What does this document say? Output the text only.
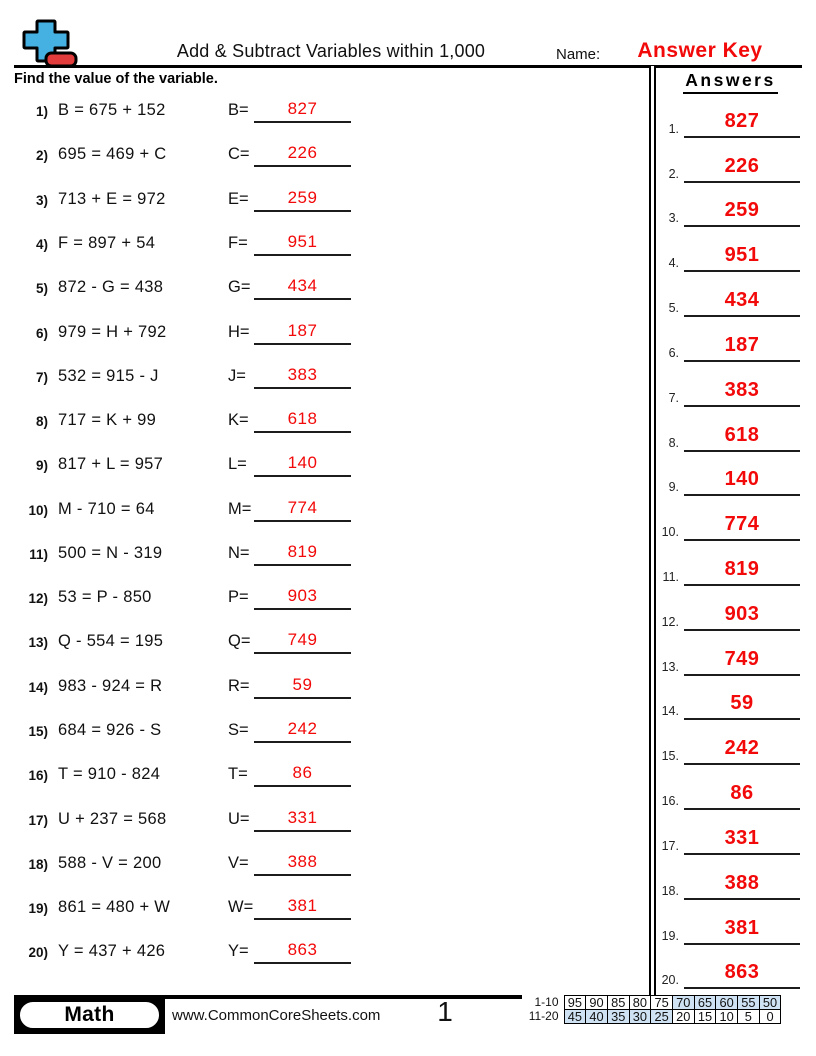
Add & Subtract Variables within 1,000	Name:	Answer Key
Find the value of the variable.	Answers
1) B = 675 + 152	B= 827
2) 695 = 469 + C	C= 226
3) 713 + E = 972	E= 259
4) F = 897 + 54	F= 951
5) 872 - G = 438	G= 434
6) 979 = H + 792	H= 187
7) 532 = 915 - J	J= 383
8) 717 = K + 99	K= 618
9) 817 + L = 957	L= 140
10) M - 710 = 64	M= 774
11) 500 = N - 319	N= 819
12) 53 = P - 850	P= 903
13) Q - 554 = 195	Q= 749
14) 983 - 924 = R	R=	59
15) 684 = 926 - S	S= 242
16) T = 910 - 824	T=	86
17) U + 237 = 568	U= 331
18) 588 - V = 200	V= 388
19) 861 = 480 + W	W= 381
20) Y = 437 + 426	Y= 863
1. 827
2. 226
3. 259
4. 951
5. 434
6. 187
7. 383
8. 618
9. 140
10. 774
11. 819
12. 903
13. 749
14.	59
15. 242
16.	86
17. 331
18. 388
19. 381
20. 863
Math	www.CommonCoreSheets.com	1	1-10	95	90	85	80	75	70	65	60	55	50
11-20	45	40	35	30	25	20	15	10	5	0
